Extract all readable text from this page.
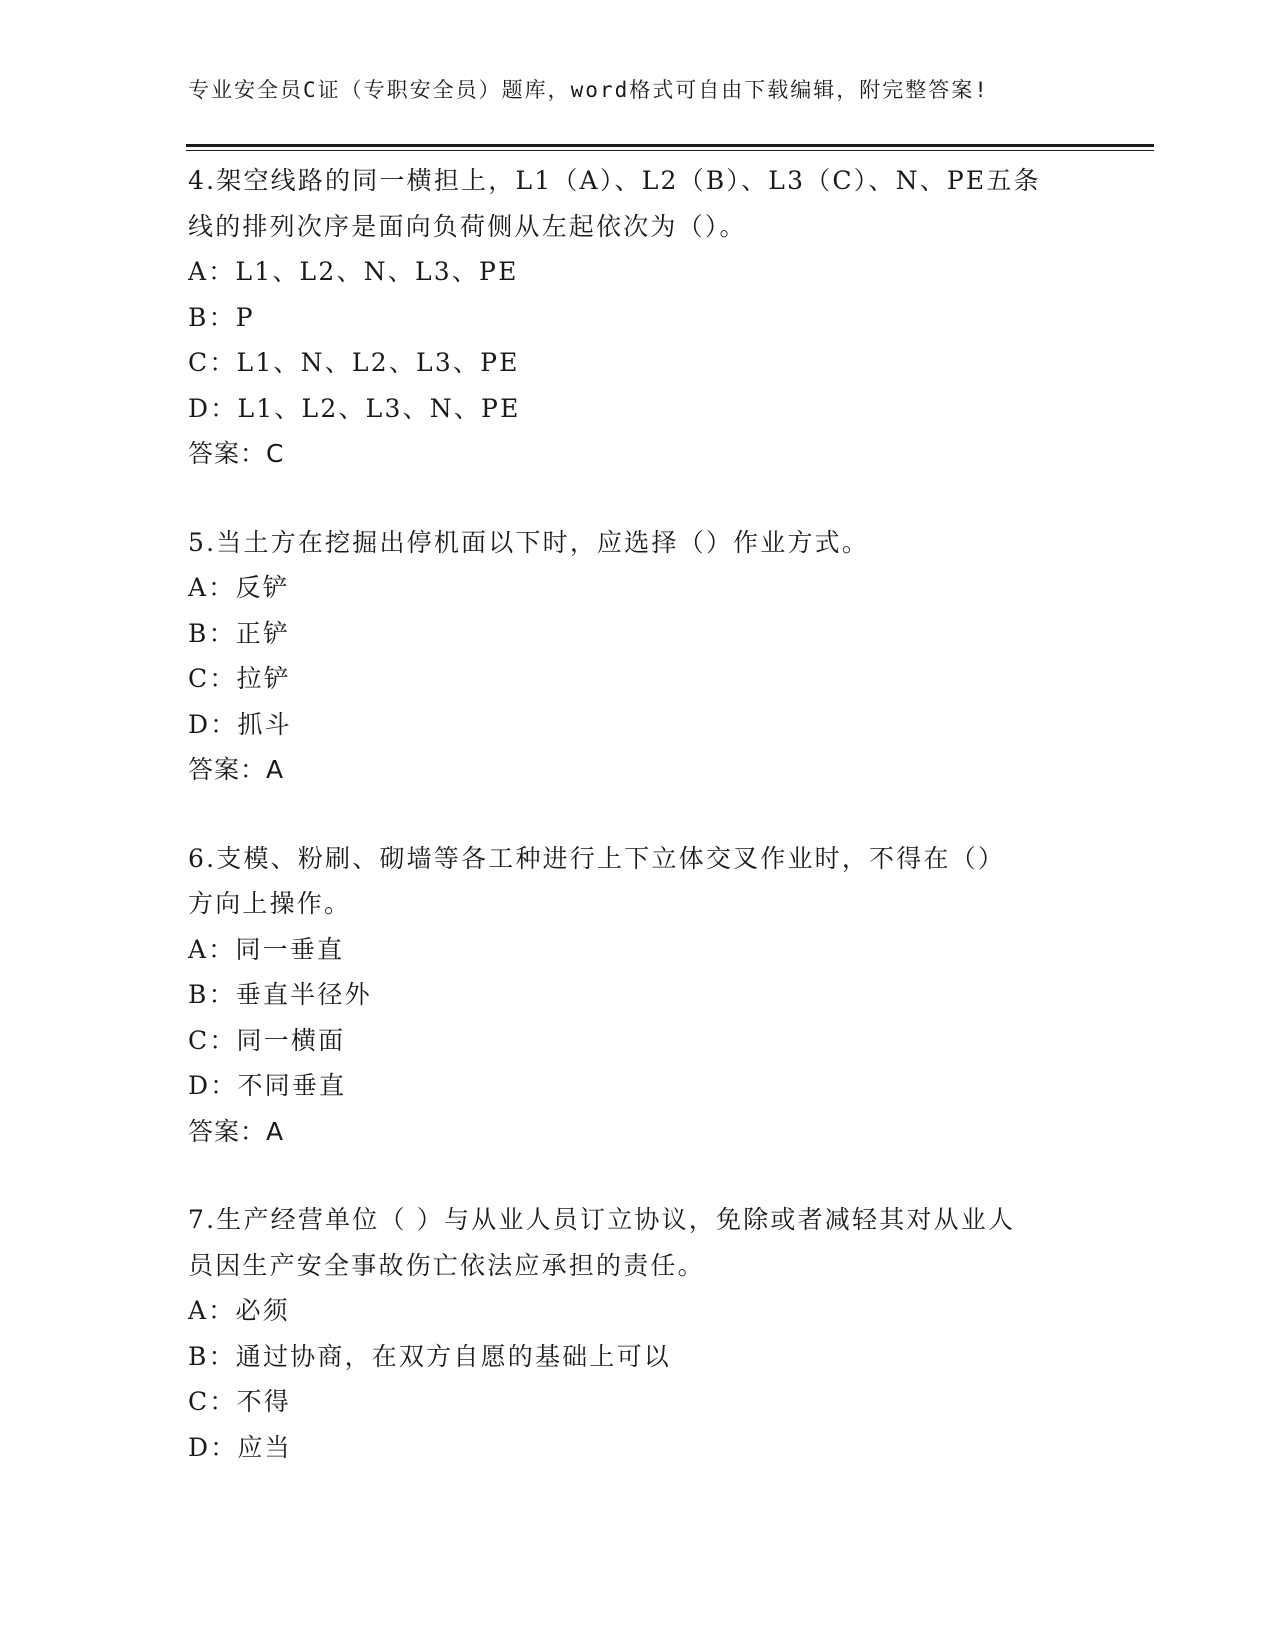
专业安全员C证（专职安全员）题库，word格式可自由下载编辑，附完整答案!
4.架空线路的同一横担上，L1（A）、L2（B）、L3（C）、N、PE五条
线的排列次序是面向负荷侧从左起依次为（）。
A：L1、L2、N、L3、PE
B：P
C：L1、N、L2、L3、PE
D：L1、L2、L3、N、PE
答案：C
5.当土方在挖掘出停机面以下时，应选择（）作业方式。
A：反铲
B：正铲
C：拉铲
D：抓斗
答案：A
6.支模、粉刷、砌墙等各工种进行上下立体交叉作业时，不得在（）
方向上操作。
A：同一垂直
B：垂直半径外
C：同一横面
D：不同垂直
答案：A
7.生产经营单位（ ）与从业人员订立协议，免除或者减轻其对从业人
员因生产安全事故伤亡依法应承担的责任。
A：必须
B：通过协商，在双方自愿的基础上可以
C：不得
D：应当
